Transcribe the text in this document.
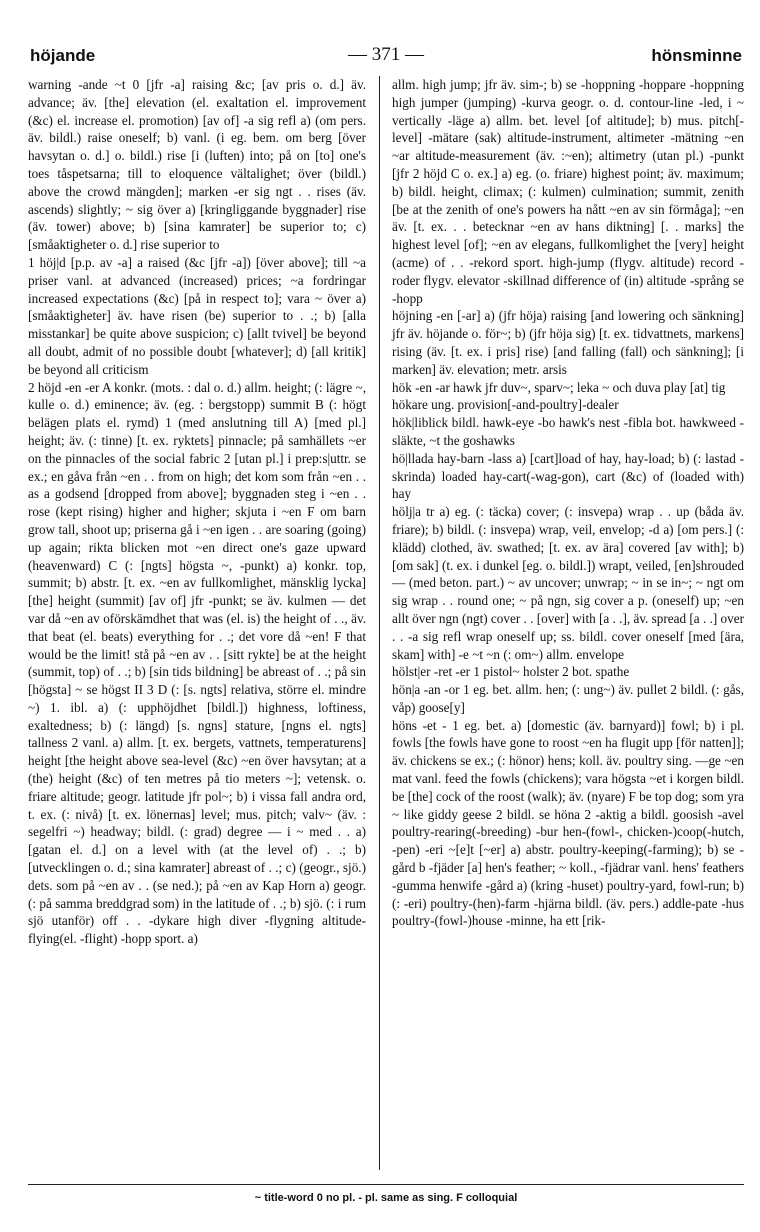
höjande	— 371 —	hönsminne

warning -ande ~t 0 [jfr -a] raising &c; [av pris o. d.] äv. advance; äv. [the] elevation (el. exaltation el. improvement (&c) el. increase el. promotion) [av of] -a sig refl a) (om pers. äv. bildl.) raise oneself; b) vanl. (i eg. bem. om berg [över havsytan o. d.] o. bildl.) rise [i (luften) into; på on [to] one's toes tåspetsarna; till to eloquence vältalighet; över (bildl.) above the crowd mängden]; marken -er sig ngt . . rises (äv. ascends) slightly; ~ sig över a) [kringliggande byggnader] rise (äv. tower) above; b) [sina kamrater] be superior to; c) [småaktigheter o. d.] rise superior to

1 höj|d [p.p. av -a] a raised (&c [jfr -a]) [över above]; till ~a priser vanl. at advanced (increased) prices; ~a fordringar increased expectations (&c) [på in respect to]; vara ~ över a) [småaktigheter] äv. have risen (be) superior to . .; b) [alla misstankar] be quite above suspicion; c) [allt tvivel] be beyond all doubt, admit of no possible doubt [whatever]; d) [all kritik] be beyond all criticism

2 höjd -en -er A konkr. (mots. : dal o. d.) allm. height; (: lägre ~, kulle o. d.) eminence; äv. (eg. : bergstopp) summit B (: högt belägen plats el. rymd) 1 (med anslutning till A) [med pl.] height; äv. (: tinne) [t. ex. ryktets] pinnacle; på samhällets ~er on the pinnacles of the social fabric 2 [utan pl.] i prep:s|uttr. se ex.; en gåva från ~en . . from on high; det kom som från ~en . . as a godsend [dropped from above]; byggnaden steg i ~en . . rose (kept rising) higher and higher; skjuta i ~en F om barn grow tall, shoot up; priserna gå i ~en igen . . are soaring (going) up again; rikta blicken mot ~en direct one's gaze upward (heavenward) C (: [ngts] högsta ~, -punkt) a) konkr. top, summit; b) abstr. [t. ex. ~en av fullkomlighet, mänsklig lycka] [the] height (summit) [av of] jfr -punkt; se äv. kulmen — det var då ~en av oförskämdhet that was (el. is) the height of . ., äv. that beat (el. beats) everything for . .; det vore då ~en! F that would be the limit! stå på ~en av . . [sitt rykte] be at the height (summit, top) of . .; b) [sin tids bildning] be abreast of . .; på sin [högsta] ~ se högst II 3 D (: [s. ngts] relativa, större el. mindre ~) 1. ibl. a) (: upphöjdhet [bildl.]) highness, loftiness, exaltedness; b) (: längd) [s. ngns] stature, [ngns el. ngts] tallness 2 vanl. a) allm. [t. ex. bergets, vattnets, temperaturens] height [the height above sea-level (&c) ~en över havsytan; at a (the) height (&c) of ten metres på tio meters ~]; vetensk. o. friare altitude; geogr. latitude jfr pol~; b) i vissa fall andra ord, t. ex. (: nivå) [t. ex. lönernas] level; mus. pitch; valv~ (äv. : segelfri ~) headway; bildl. (: grad) degree — i ~ med . . a) [gatan el. d.] on a level with (at the level of) . .; b) [utvecklingen o. d.; sina kamrater] abreast of . .; c) (geogr., sjö.) dets. som på ~en av . . (se ned.); på ~en av Kap Horn a) geogr. (: på samma breddgrad som) in the latitude of . .; b) sjö. (: i rum sjö utanför) off . . -dykare high diver -flygning altitude-flying(el. -flight) -hopp sport. a)

allm. high jump; jfr äv. sim-; b) se -hoppning -hoppare -hoppning high jumper (jumping) -kurva geogr. o. d. contour-line -led, i ~ vertically -läge a) allm. bet. level [of altitude]; b) mus. pitch[-level] -mätare (sak) altitude-instrument, altimeter -mätning ~en ~ar altitude-measurement (äv. :~en); altimetry (utan pl.) -punkt [jfr 2 höjd C o. ex.] a) eg. (o. friare) highest point; äv. maximum; b) bildl. height, climax; (: kulmen) culmination; summit, zenith [be at the zenith of one's powers ha nått ~en av sin förmåga]; ~en äv. [t. ex. . . betecknar ~en av hans diktning] [. . marks] the highest level [of]; ~en av elegans, fullkomlighet the [very] height (acme) of . . -rekord sport. high-jump (flygv. altitude) record -roder flygv. elevator -skillnad difference of (in) altitude -språng se -hopp

höjning -en [-ar] a) (jfr höja) raising [and lowering och sänkning] jfr äv. höjande o. för~; b) (jfr höja sig) [t. ex. tidvattnets, markens] rising (äv. [t. ex. i pris] rise) [and falling (fall) och sänkning]; [i marken] äv. elevation; metr. arsis

hök -en -ar hawk jfr duv~, sparv~; leka ~ och duva play [at] tig

hökare ung. provision[-and-poultry]-dealer

hök|liblick bildl. hawk-eye -bo hawk's nest -fibla bot. hawkweed -släkte, ~t the goshawks

hö|llada hay-barn -lass a) [cart]load of hay, hay-load; b) (: lastad -skrinda) loaded hay-cart(-wag-gon), cart (&c) of (loaded with) hay

hölj|a tr a) eg. (: täcka) cover; (: insvepa) wrap . . up (båda äv. friare); b) bildl. (: insvepa) wrap, veil, envelop; -d a) [om pers.] (: klädd) clothed, äv. swathed; [t. ex. av ära] covered [av with]; b) [om sak] (t. ex. i dunkel [eg. o. bildl.]) wrapt, veiled, [en]shrouded — (med beton. part.) ~ av uncover; unwrap; ~ in se in~; ~ ngt om sig wrap . . round one; ~ på ngn, sig cover a p. (oneself) up; ~en allt över ngn (ngt) cover . . [over] with [a . .], äv. spread [a . .] over . . -a sig refl wrap oneself up; ss. bildl. cover oneself [med [ära, skam] with] -e ~t ~n (: om~) allm. envelope

hölst|er -ret -er 1 pistol~ holster 2 bot. spathe

hön|a -an -or 1 eg. bet. allm. hen; (: ung~) äv. pullet 2 bildl. (: gås, våp) goose[y]

höns -et - 1 eg. bet. a) [domestic (äv. barnyard)] fowl; b) i pl. fowls [the fowls have gone to roost ~en ha flugit upp [för natten]]; äv. chickens se ex.; (: hönor) hens; koll. äv. poultry sing. —ge ~en mat vanl. feed the fowls (chickens); vara högsta ~et i korgen bildl. be [the] cock of the roost (walk); äv. (nyare) F be top dog; som yra ~ like giddy geese 2 bildl. se höna 2 -aktig a bildl. goosish -avel poultry-rearing(-breeding) -bur hen-(fowl-, chicken-)coop(-hutch, -pen) -eri ~[e]t [~er] a) abstr. poultry-keeping(-farming); b) se -gård b -fjäder [a] hen's feather; ~ koll., -fjädrar vanl. hens' feathers -gumma henwife -gård a) (kring -huset) poultry-yard, fowl-run; b) (: -eri) poultry-(hen)-farm -hjärna bildl. (äv. pers.) addle-pate -hus poultry-(fowl-)house -minne, ha ett [rik-

~ title-word 0 no pl. - pl. same as sing. F colloquial
